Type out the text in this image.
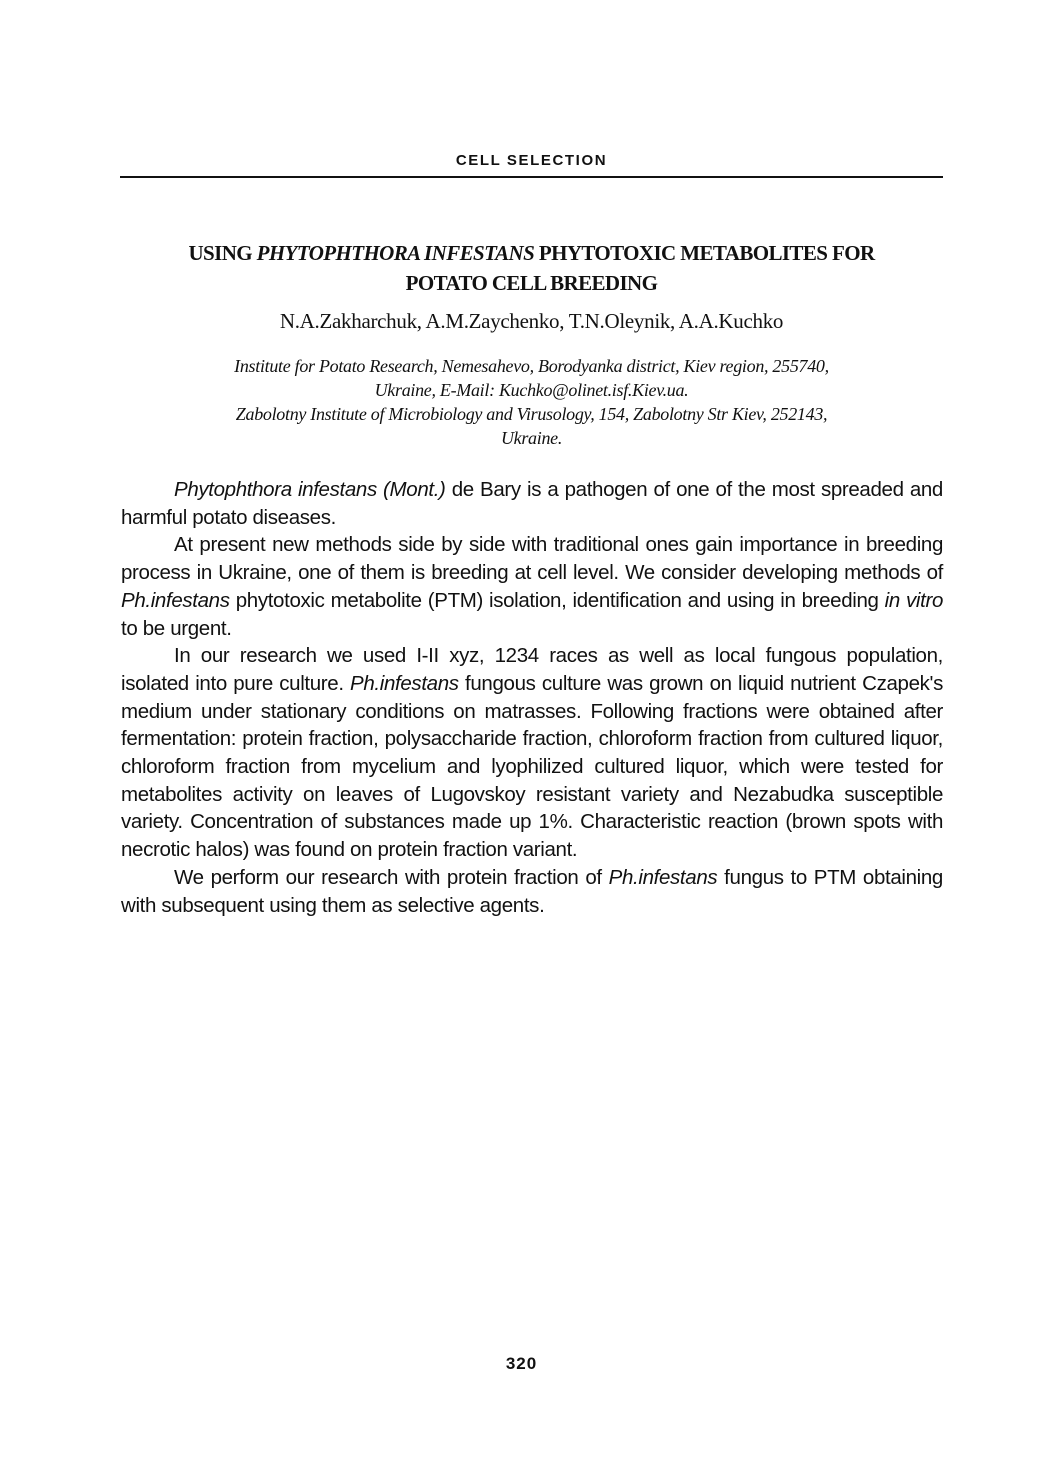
CELL SELECTION
USING PHYTOPHTHORA INFESTANS PHYTOTOXIC METABOLITES FOR
POTATO CELL BREEDING
N.A.Zakharchuk, A.M.Zaychenko, T.N.Oleynik, A.A.Kuchko
Institute for Potato Research, Nemesahevo, Borodyanka district, Kiev region, 255740,
Ukraine, E-Mail: Kuchko@olinet.isf.Kiev.ua.
Zabolotny Institute of Microbiology and Virusology, 154, Zabolotny Str Kiev, 252143,
Ukraine.

Phytophthora infestans (Mont.) de Bary is a pathogen of one of the most spreaded and harmful potato diseases.

At present new methods side by side with traditional ones gain importance in breeding process in Ukraine, one of them is breeding at cell level. We consider developing methods of Ph.infestans phytotoxic metabolite (PTM) isolation, identification and using in breeding in vitro to be urgent.

In our research we used I-II xyz, 1234 races as well as local fungous population, isolated into pure culture. Ph.infestans fungous culture was grown on liquid nutrient Czapek's medium under stationary conditions on matrasses. Following fractions were obtained after fermentation: protein fraction, polysaccharide fraction, chloroform fraction from cultured liquor, chloroform fraction from mycelium and lyophilized cultured liquor, which were tested for metabolites activity on leaves of Lugovskoy resistant variety and Nezabudka susceptible variety. Concentration of substances made up 1%. Characteristic reaction (brown spots with necrotic halos) was found on protein fraction variant.

We perform our research with protein fraction of Ph.infestans fungus to PTM obtaining with subsequent using them as selective agents.

320
